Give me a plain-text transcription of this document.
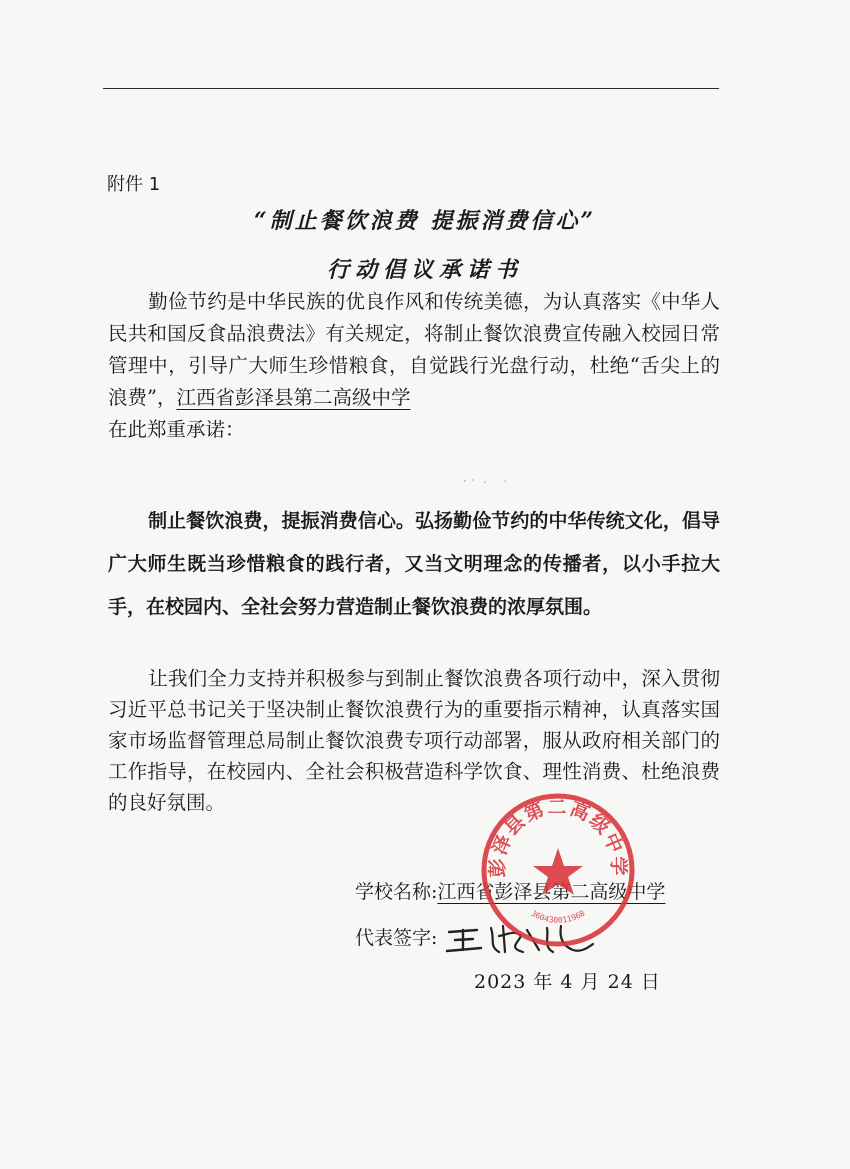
附件 1
“制止餐饮浪费 提振消费信心”
行动倡议承诺书
勤俭节约是中华民族的优良作风和传统美德，为认真落实《中华人民共和国反食品浪费法》有关规定，将制止餐饮浪费宣传融入校园日常管理中，引导广大师生珍惜粮食，自觉践行光盘行动，杜绝“舌尖上的浪费”，江西省彭泽县第二高级中学
在此郑重承诺：
制止餐饮浪费，提振消费信心。弘扬勤俭节约的中华传统文化，倡导广大师生既当珍惜粮食的践行者，又当文明理念的传播者，以小手拉大手，在校园内、全社会努力营造制止餐饮浪费的浓厚氛围。
让我们全力支持并积极参与到制止餐饮浪费各项行动中，深入贯彻习近平总书记关于坚决制止餐饮浪费行为的重要指示精神，认真落实国家市场监督管理总局制止餐饮浪费专项行动部署，服从政府相关部门的工作指导，在校园内、全社会积极营造科学饮食、理性消费、杜绝浪费的良好氛围。
学校名称:江西省彭泽县第二高级中学
代表签字:
2023 年 4 月 24 日
彭泽县第二高级中学
360430011968
